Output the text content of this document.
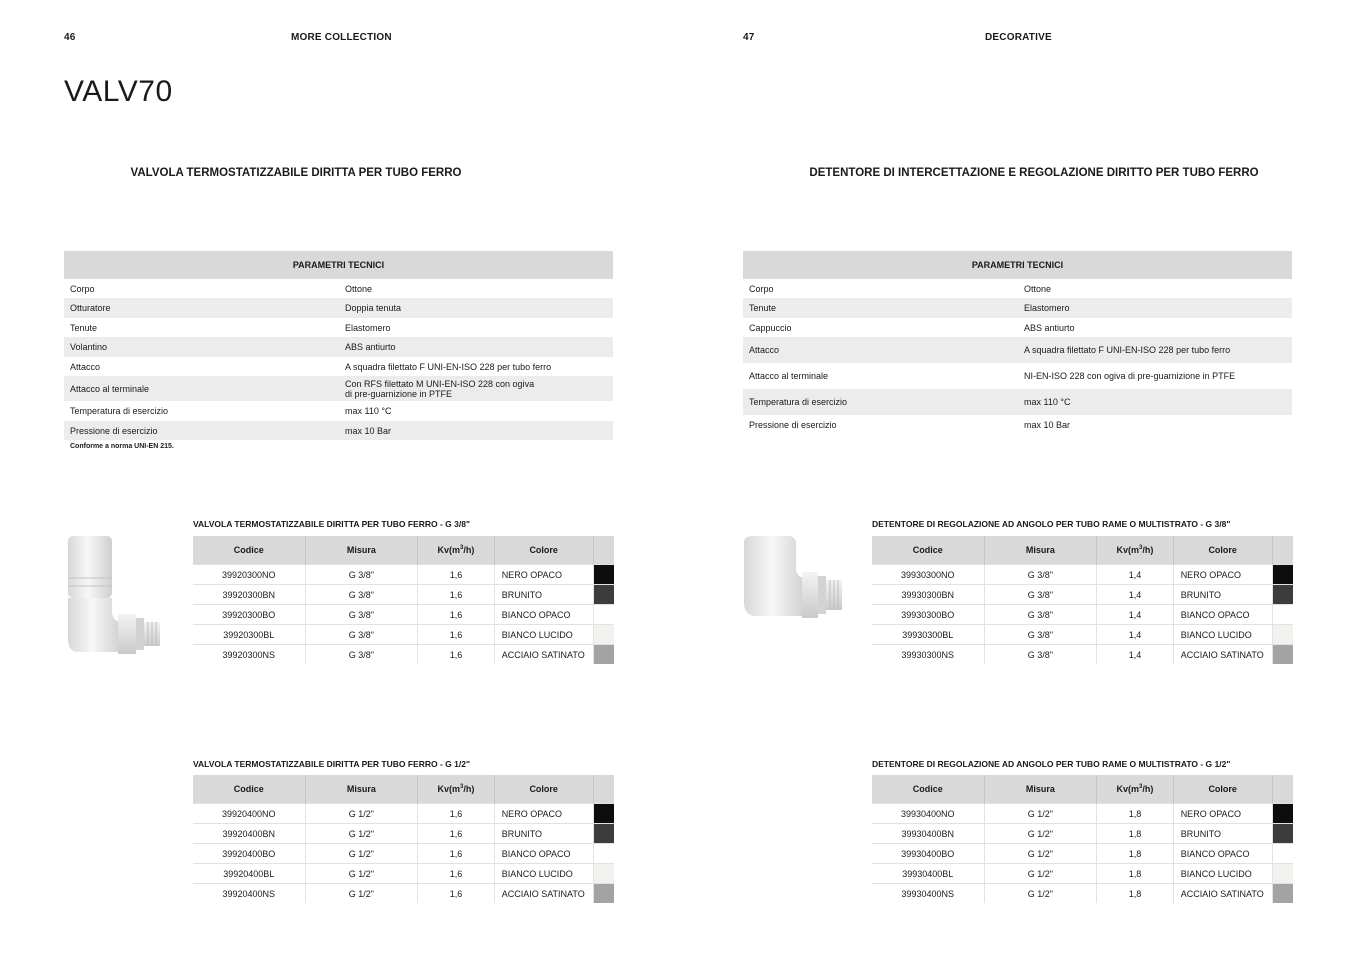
46	MORE COLLECTION
VALV70
VALVOLA TERMOSTATIZZABILE DIRITTA PER TUBO FERRO
PARAMETRI TECNICI	
Corpo	Ottone
Otturatore	Doppia tenuta
Tenute	Elastomero
Volantino	ABS antiurto
Attacco	A squadra filettato F UNI-EN-ISO 228 per tubo ferro
Attacco al terminale	Con RFS filettato M UNI-EN-ISO 228 con ogiva
di pre-guarnizione in PTFE
Temperatura di esercizio	max 110 °C
Pressione di esercizio	max 10 Bar
Conforme a norma UNI-EN 215.
VALVOLA TERMOSTATIZZABILE DIRITTA PER TUBO FERRO - G 3/8"
Codice	Misura	$Kv(m^3/h)$	Colore	
39920300NO	G 3/8"	1,6	NERO OPACO	
39920300BN	G 3/8"	1,6	BRUNITO	
39920300BO	G 3/8"	1,6	BIANCO OPACO	
39920300BL	G 3/8"	1,6	BIANCO LUCIDO	
39920300NS	G 3/8"	1,6	ACCIAIO SATINATO	
VALVOLA TERMOSTATIZZABILE DIRITTA PER TUBO FERRO - G 1/2"
Codice	Misura	$Kv(m^3/h)$	Colore	
39920400NO	G 1/2"	1,6	NERO OPACO	
39920400BN	G 1/2"	1,6	BRUNITO	
39920400BO	G 1/2"	1,6	BIANCO OPACO	
39920400BL	G 1/2"	1,6	BIANCO LUCIDO	
39920400NS	G 1/2"	1,6	ACCIAIO SATINATO	
47	DECORATIVE
DETENTORE DI INTERCETTAZIONE E REGOLAZIONE DIRITTO PER TUBO FERRO
PARAMETRI TECNICI	
Corpo	Ottone
Tenute	Elastomero
Cappuccio	ABS antiurto
Attacco	A squadra filettato F UNI-EN-ISO 228 per tubo ferro
Attacco al terminale	NI-EN-ISO 228 con ogiva di pre-guarnizione in PTFE
Temperatura di esercizio	max 110 °C
Pressione di esercizio	max 10 Bar
DETENTORE DI REGOLAZIONE AD ANGOLO PER TUBO RAME O MULTISTRATO - G 3/8"
Codice	Misura	$Kv(m^3/h)$	Colore	
39930300NO	G 3/8"	1,4	NERO OPACO	
39930300BN	G 3/8"	1,4	BRUNITO	
39930300BO	G 3/8"	1,4	BIANCO OPACO	
39930300BL	G 3/8"	1,4	BIANCO LUCIDO	
39930300NS	G 3/8"	1,4	ACCIAIO SATINATO	
DETENTORE DI REGOLAZIONE AD ANGOLO PER TUBO RAME O MULTISTRATO - G 1/2"
Codice	Misura	$Kv(m^3/h)$	Colore	
39930400NO	G 1/2"	1,8	NERO OPACO	
39930400BN	G 1/2"	1,8	BRUNITO	
39930400BO	G 1/2"	1,8	BIANCO OPACO	
39930400BL	G 1/2"	1,8	BIANCO LUCIDO	
39930400NS	G 1/2"	1,8	ACCIAIO SATINATO	
